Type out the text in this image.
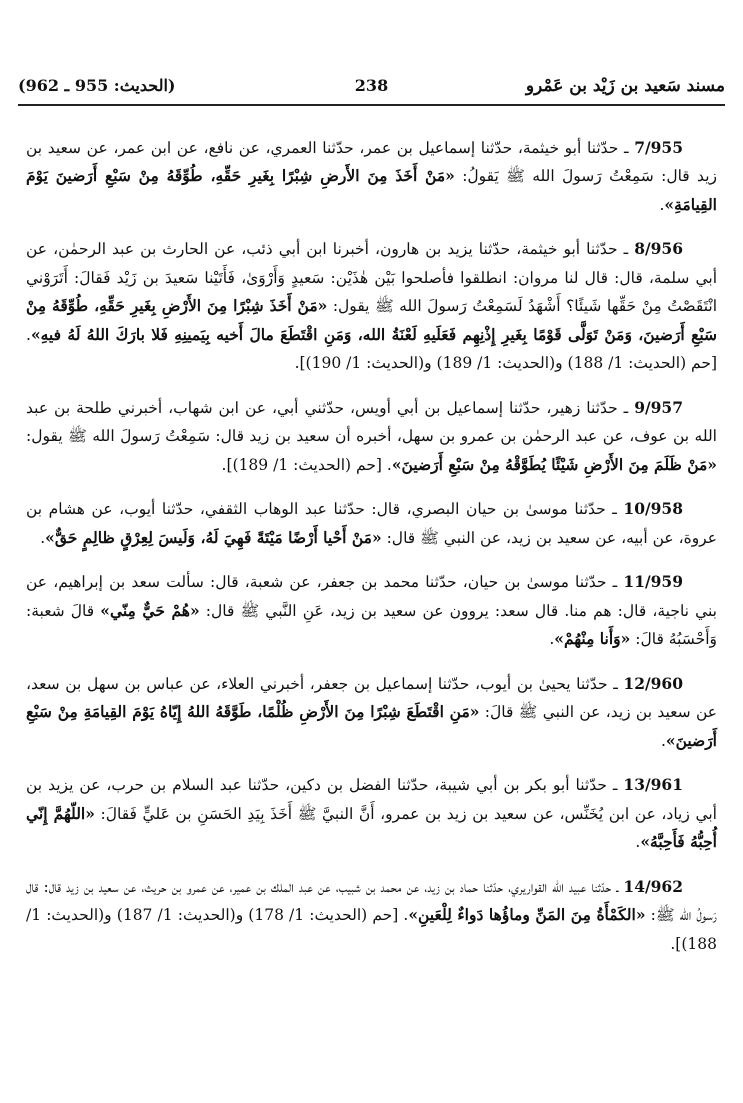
مسند سَعيد بن زَيْد بن عَمْرو
238
(الحديث: 955 ـ 962)

7/955 ـ حدّثنا أبو خيثمة، حدّثنا إسماعيل بن عمر، حدّثنا العمري، عن نافع، عن ابن عمر، عن سعيد بن زيد قال: سَمِعْتُ رَسولَ الله ﷺ يَقولُ: «مَنْ أَخَذَ مِنَ الأَرضِ شِبْرًا بِغَيرِ حَقِّهِ، طُوِّقَهُ مِنْ سَبْعِ أَرَضينَ يَوْمَ القِيامَةِ».

8/956 ـ حدّثنا أبو خيثمة، حدّثنا يزيد بن هارون، أخبرنا ابن أبي ذئب، عن الحارث بن عبد الرحمٰن، عن أبي سلمة، قال: قال لنا مروان: انطلقوا فأصلحوا بَيْن هٰذَيْن: سَعيدٍ وَأَرْوَىٰ، فَأَتَيْنا سَعيدَ بن زَيْد فَقالَ: أَتَرَوْني انْتَقَصْتُ مِنْ حَقِّها شَيئًا؟ أَشْهَدُ لَسَمِعْتُ رَسولَ الله ﷺ يقول: «مَنْ أَخَذَ شِبْرًا مِنَ الأَرْضِ بِغَيرِ حَقِّهِ، طُوِّقَهُ مِنْ سَبْعِ أَرَضينَ، وَمَنْ تَوَلَّى قَوْمًا بِغَيرِ إِذْنِهِم فَعَلَيهِ لَعْنَةُ الله، وَمَنِ اقْتَطَعَ مالَ أَخيه بِيَمينِهِ فَلا بارَكَ اللهُ لَهُ فيهِ». [حم (الحديث: 1/ 188) و(الحديث: 1/ 189) و(الحديث: 1/ 190)].

9/957 ـ حدّثنا زهير، حدّثنا إسماعيل بن أبي أويس، حدّثني أبي، عن ابن شهاب، أخبرني طلحة بن عبد الله بن عوف، عن عبد الرحمٰن بن عمرو بن سهل، أخبره أن سعيد بن زيد قال: سَمِعْتُ رَسولَ الله ﷺ يقول: «مَنْ ظَلَمَ مِنَ الأَرْضِ شَيْئًا يُطَوَّقْهُ مِنْ سَبْعِ أَرَضينَ». [حم (الحديث: 1/ 189)].

10/958 ـ حدّثنا موسىٰ بن حيان البصري، قال: حدّثنا عبد الوهاب الثقفي، حدّثنا أيوب، عن هشام بن عروة، عن أبيه، عن سعيد بن زيد، عن النبي ﷺ قال: «مَنْ أَحْيا أَرْضًا مَيْتَةً فَهِيَ لَهُ، وَلَيسَ لِعِرْقٍ ظالِمٍ حَقٌّ».

11/959 ـ حدّثنا موسىٰ بن حيان، حدّثنا محمد بن جعفر، عن شعبة، قال: سألت سعد بن إبراهيم، عن بني ناجية، قال: هم منا. قال سعد: يروون عن سعيد بن زيد، عَنِ النَّبي ﷺ قال: «هُمْ حَيٌّ مِنّي» قالَ شعبة: وَأَحْسَبُهُ قالَ: «وَأَنا مِنْهُمْ».

12/960 ـ حدّثنا يحيىٰ بن أيوب، حدّثنا إسماعيل بن جعفر، أخبرني العلاء، عن عباس بن سهل بن سعد، عن سعيد بن زيد، عن النبي ﷺ قالَ: «مَنِ اقْتَطَعَ شِبْرًا مِنَ الأَرْضِ ظُلْمًا، طَوَّقَهُ اللهُ إِيّاهُ يَوْمَ القِيامَةِ مِنْ سَبْعِ أَرَضينَ».

13/961 ـ حدّثنا أبو بكر بن أبي شيبة، حدّثنا الفضل بن دكين، حدّثنا عبد السلام بن حرب، عن يزيد بن أبي زياد، عن ابن يُخَنِّس، عن سعيد بن زيد بن عمرو، أَنَّ النبيَّ ﷺ أَخَذَ بِيَدِ الحَسَنِ بن عَليٍّ فَقالَ: «اللّهُمَّ إِنّي أُحِبُّهُ فَأَحِبَّهُ».

14/962 ـ حدّثنا عبيد الله القواريري، حدّثنا حماد بن زيد، عن محمد بن شبيب، عن عبد الملك بن عمير، عن عمرو بن حريث، عن سعيد بن زيد قال: قال رَسولُ الله ﷺ: «الكَمْأَةُ مِنَ المَنِّ وماؤُها دَواءٌ لِلْعَينِ». [حم (الحديث: 1/ 178) و(الحديث: 1/ 187) و(الحديث: 1/ 188)].
